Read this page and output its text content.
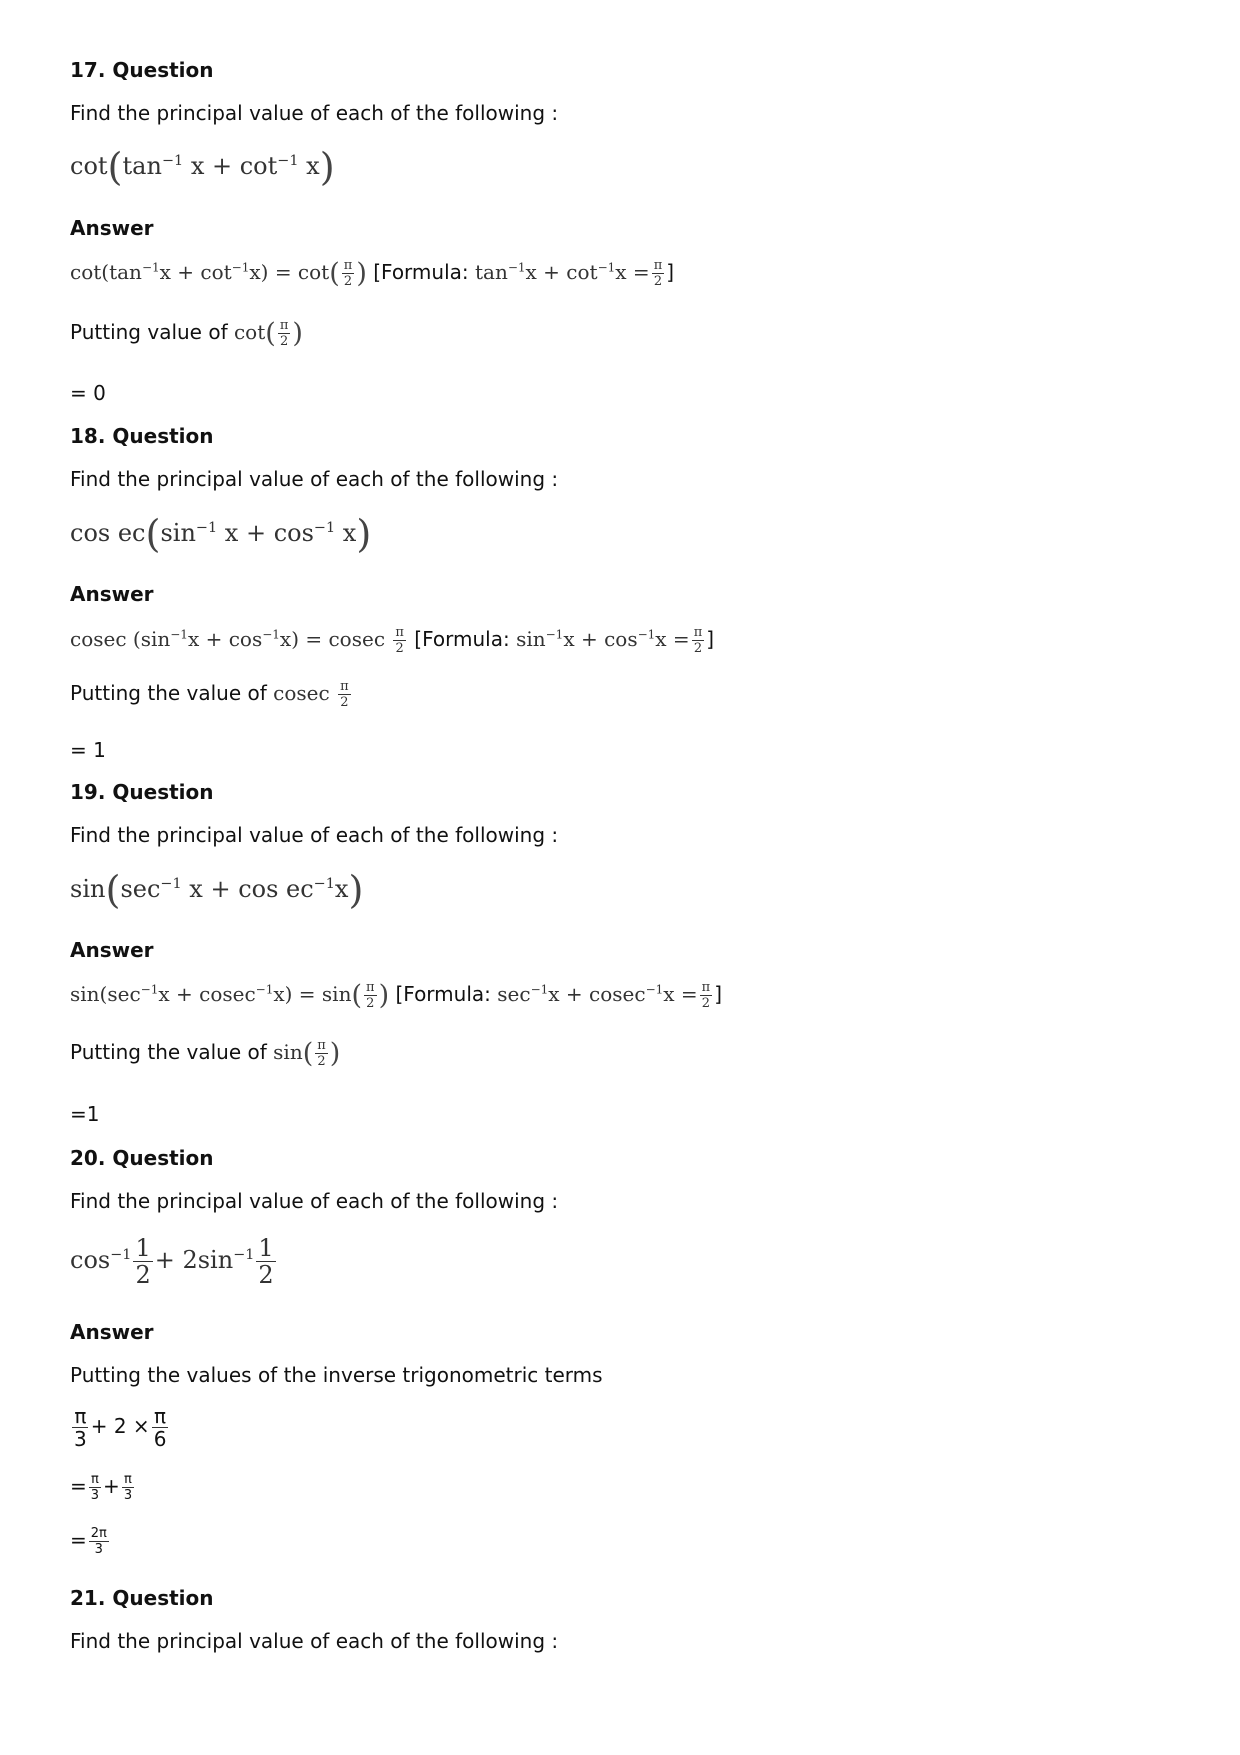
17. Question
Find the principal value of each of the following :
$\cot(\tan^{-1}$ $x + \cot^{-1} x$)
Answer
$\cot(\tan^{-1}x + \cot^{-1}x) = \cot( \frac{\pi}{2}$ ) [Formula: $\tan^{-1}x + \cot^{-1}x = \frac{\pi}{2}$ ]
Putting value of $\cot( \frac{\pi}{2}$ )
= 0
18. Question
Find the principal value of each of the following :
$\cos ec(\sin^{-1}$ $x + \cos^{-1} x$)
Answer
cosec $(\sin^{-1}x + \cos^{-1}x) = cosec \frac{\pi}{2}$ [Formula: $\sin^{-1}x + \cos^{-1}x = \frac{\pi}{2}$ ]
Putting the value of cosec $\frac{\pi}{2}$
= 1
19. Question
Find the principal value of each of the following :
$\sin(\sec^{-1}$ $x + \cos ec^{-1}x$)
Answer
$\sin(\sec^{-1}x + cosec^{-1}x) = \sin( \frac{\pi}{2}$ ) [Formula: $\sec^{-1}x + cosec^{-1}x = \frac{\pi}{2}$ ]
Putting the value of $\sin( \frac{\pi}{2}$ )
=1
20. Question
Find the principal value of each of the following :
$\cos^{-1} \frac{1}{2} + 2\sin^{-1} \frac{1}{2}$
Answer
Putting the values of the inverse trigonometric terms
$\frac{\pi}{3} + 2 \times \frac{\pi}{6}$
= $\frac{\pi}{3} + \frac{\pi}{3}$
= $\frac{2\pi}{3}$
21. Question
Find the principal value of each of the following :
